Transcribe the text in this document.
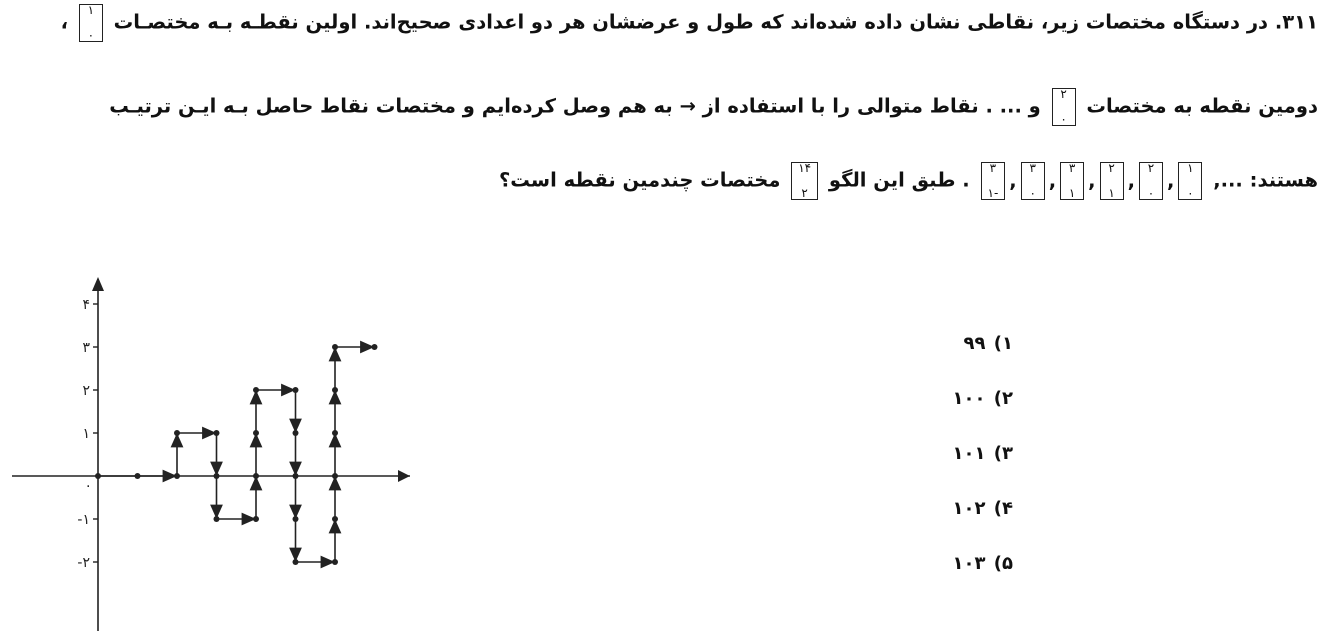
۳۱۱. در دستگاه مختصات زیر، نقاطی نشان داده شده‌اند که طول و عرضشان هر دو اعدادی صحیح‌اند. اولین نقطـه بـه مختصـات
۱
۰
،
دومین نقطه به مختصات
۲
۰
و ... . نقاط متوالی را با استفاده از → به هم وصل کرده‌ایم و مختصات نقاط حاصل بـه ایـن ترتیـب
هستند: ...,
۱
۰
,
۲
۰
,
۲
۱
,
۳
۱
,
۳
۰
,
۳
-۱
. طبق این الگو
۱۴
۲
مختصات چندمین نقطه است؟
۱) ۹۹
۲) ۱۰۰
۳) ۱۰۱
۴) ۱۰۲
۵) ۱۰۳
۴
۳
۲
۱
۰
-۱
-۲
